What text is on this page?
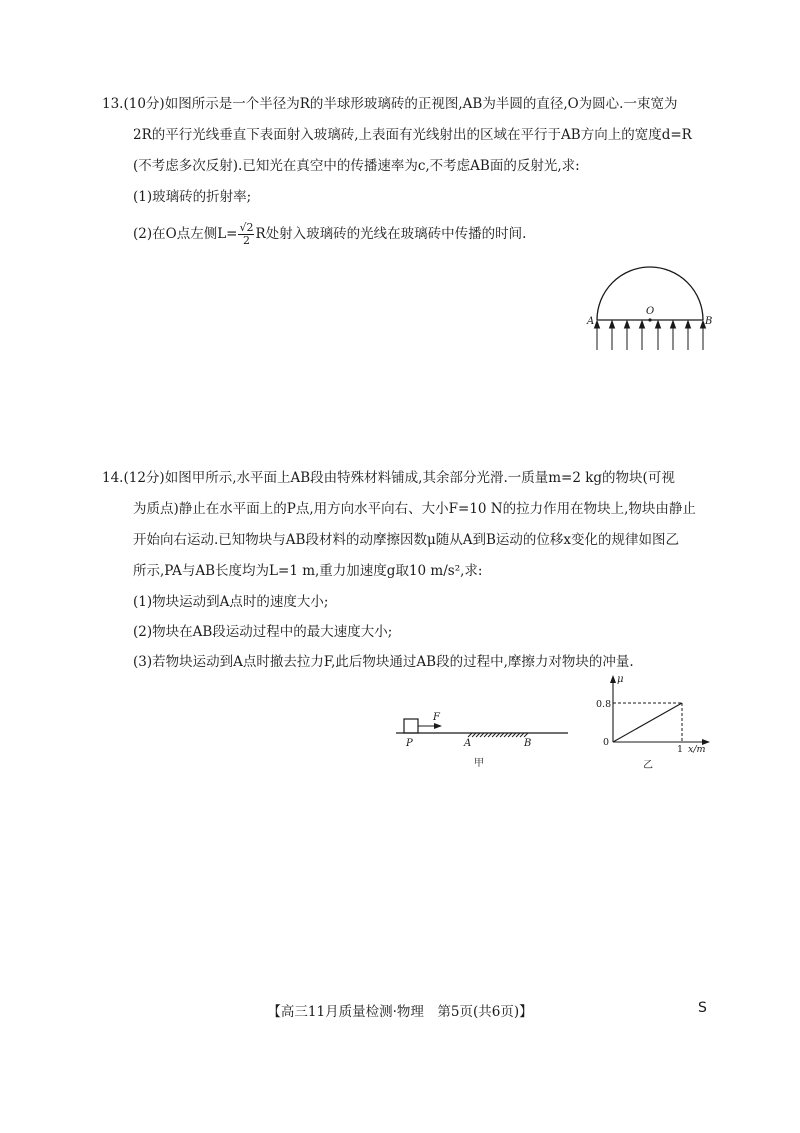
13.(10分)如图所示是一个半径为R的半球形玻璃砖的正视图,AB为半圆的直径,O为圆心.一束宽为

2R的平行光线垂直下表面射入玻璃砖,上表面有光线射出的区域在平行于AB方向上的宽度d=R

(不考虑多次反射).已知光在真空中的传播速率为c,不考虑AB面的反射光,求:

(1)玻璃砖的折射率;

(2)在O点左侧$L= \frac{√2}{2}$ R处射入玻璃砖的光线在玻璃砖中传播的时间.

A
O
B

14.(12分)如图甲所示,水平面上AB段由特殊材料铺成,其余部分光滑.一质量m=2 kg的物块(可视

为质点)静止在水平面上的P点,用方向水平向右、大小F=10 N的拉力作用在物块上,物块由静止

开始向右运动.已知物块与AB段材料的动摩擦因数μ随从A到B运动的位移x变化的规律如图乙

所示,PA与AB长度均为L=1 m,重力加速度g取10 m/s²,求:

(1)物块运动到A点时的速度大小;

(2)物块在AB段运动过程中的最大速度大小;

(3)若物块运动到A点时撤去拉力F,此后物块通过AB段的过程中,摩擦力对物块的冲量.

F
P	A	B
甲
μ
0.8
0
1 x/m
乙
【高三11月质量检测·物理　第5页(共6页)】	S
